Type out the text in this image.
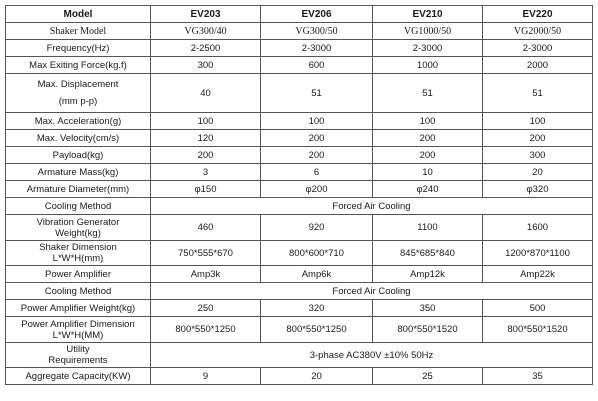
Model	EV203	EV206	EV210	EV220
Shaker Model	VG300/40	VG300/50	VG1000/50	VG2000/50
Frequency(Hz)	2-2500	2-3000	2-3000	2-3000
Max Exiting Force(kg.f)	300	600	1000	2000

Max. Displacement
(mm p-p)	40	51	51	51
Max. Acceleration(g)	100	100	100	100
Max. Velocity(cm/s)	120	200	200	200
Payload(kg)	200	200	200	300
Armature Mass(kg)	3	6	10	20
Armature Diameter(mm)	φ150	φ200	φ240	φ320
Cooling Method	Forced Air Cooling			

Vibration Generator
Weight(kg)	460	920	1100	1600

Shaker Dimension
L*W*H(mm)	750*555*670	800*600*710	845*685*840	1200*870*1100
Power Amplifier	Amp3k	Amp6k	Amp12k	Amp22k
Cooling Method	Forced Air Cooling			
Power Amplifier Weight(kg)	250	320	350	500

Power Amplifier Dimension
L*W*H(MM)	800*550*1250	800*550*1250	800*550*1520	800*550*1520

Utility
Requirements	3-phase AC380V ±10% 50Hz			
Aggregate Capacity(KW)	9	20	25	35
